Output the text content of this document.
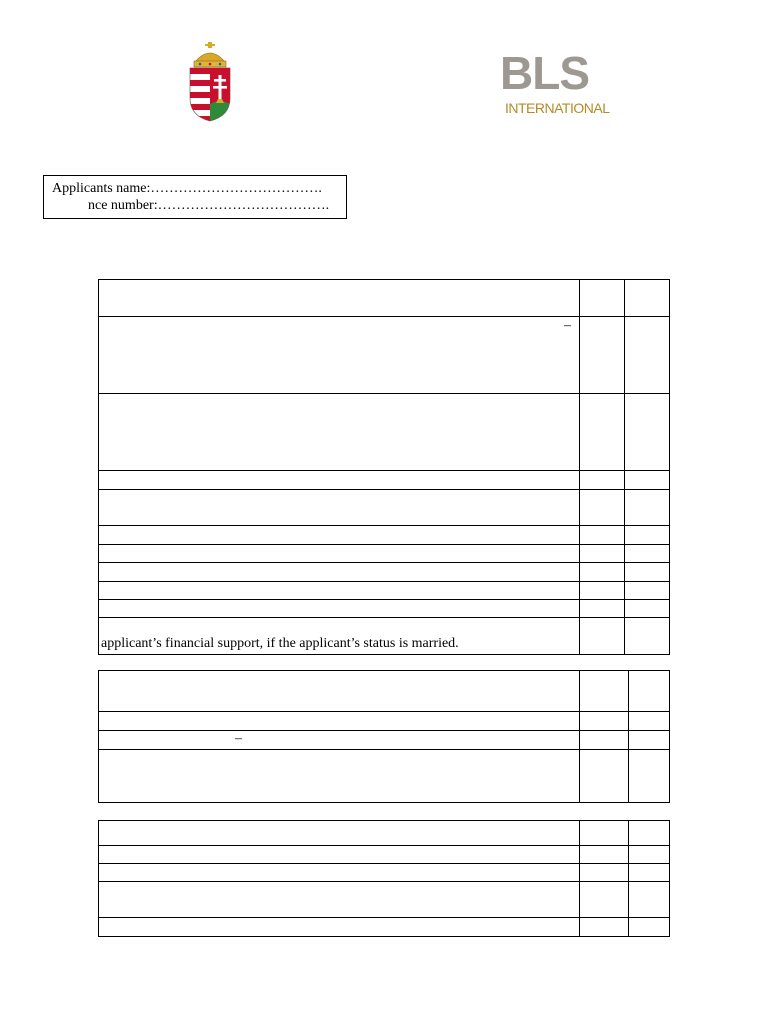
BLS
INTERNATIONAL
Applicants name:……………………………….
nce number:……………………………….

–		

applicant’s financial support, if the applicant’s status is married.		

–		
